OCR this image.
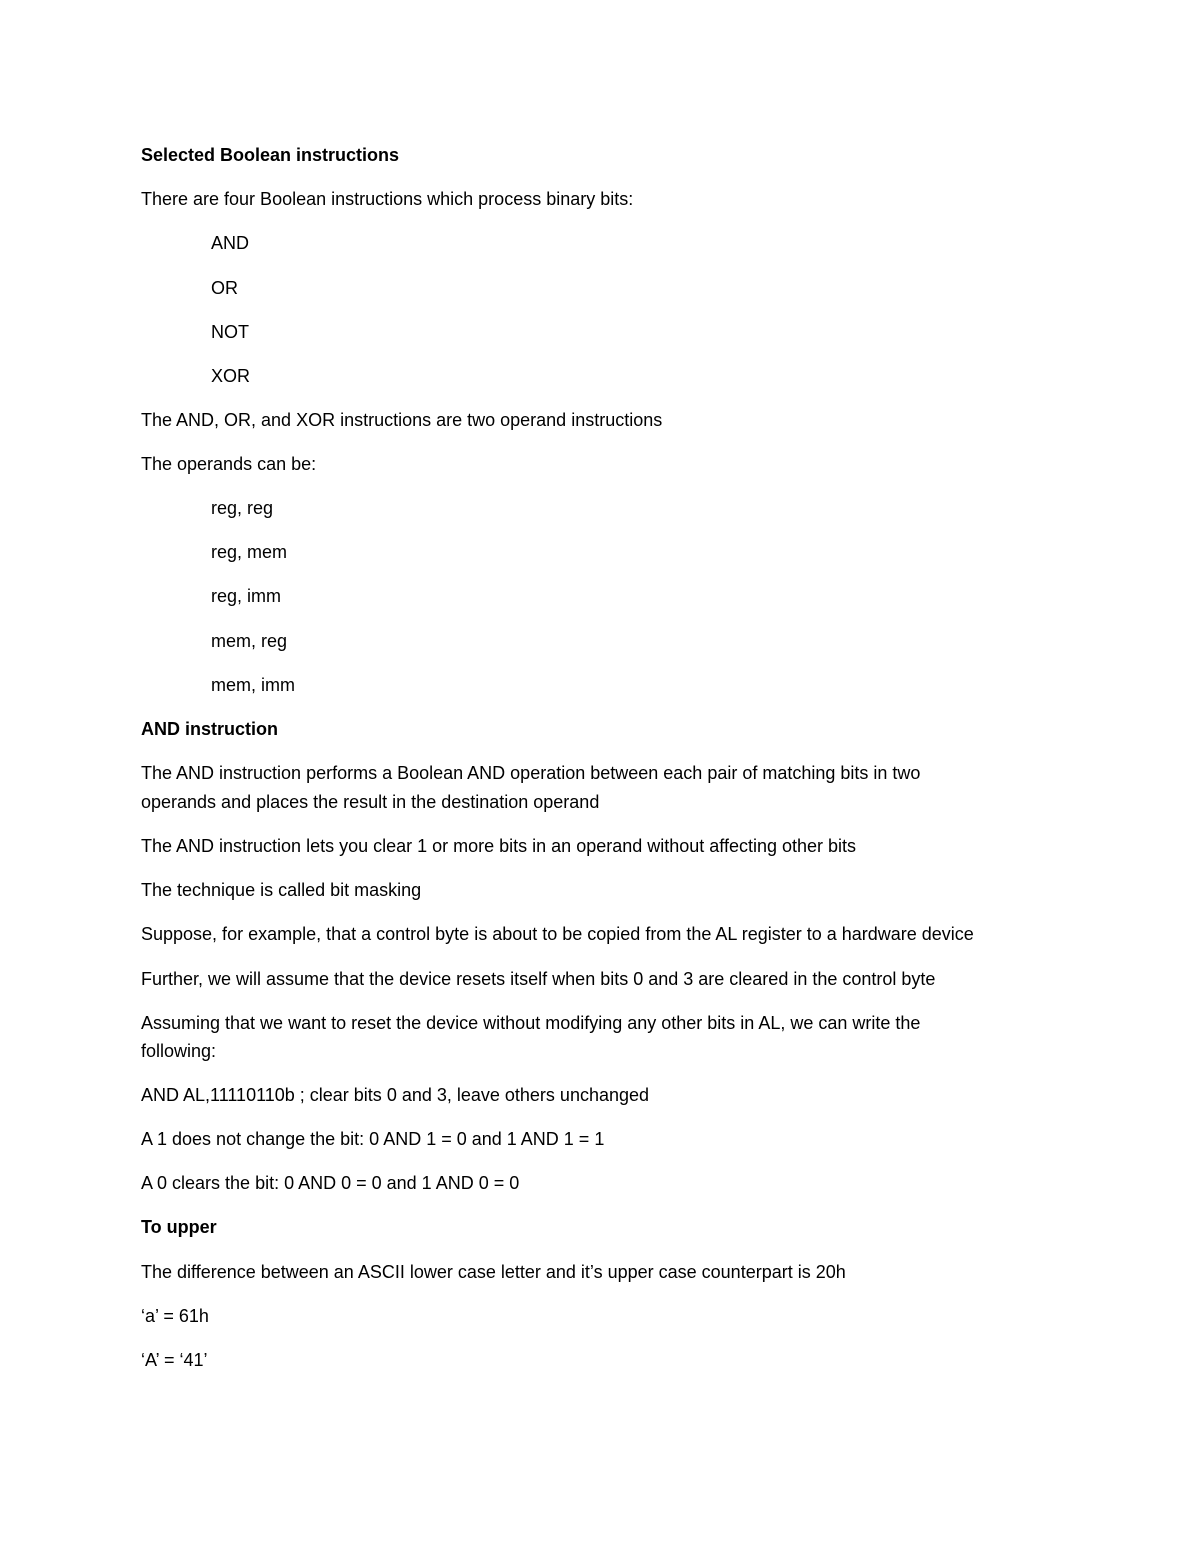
Selected Boolean instructions

There are four Boolean instructions which process binary bits:

AND

OR

NOT

XOR

The AND, OR, and XOR instructions are two operand instructions

The operands can be:

reg, reg

reg, mem

reg, imm

mem, reg

mem, imm

AND instruction

The AND instruction performs a Boolean AND operation between each pair of matching bits in two

operands and places the result in the destination operand

The AND instruction lets you clear 1 or more bits in an operand without affecting other bits

The technique is called bit masking

Suppose, for example, that a control byte is about to be copied from the AL register to a hardware device

Further, we will assume that the device resets itself when bits 0 and 3 are cleared in the control byte

Assuming that we want to reset the device without modifying any other bits in AL, we can write the

following:

AND AL,11110110b ; clear bits 0 and 3, leave others unchanged

A 1 does not change the bit: 0 AND 1 = 0 and 1 AND 1 = 1

A 0 clears the bit: 0 AND 0 = 0 and 1 AND 0 = 0

To upper

The difference between an ASCII lower case letter and it’s upper case counterpart is 20h

‘a’ = 61h

‘A’ = ‘41’
